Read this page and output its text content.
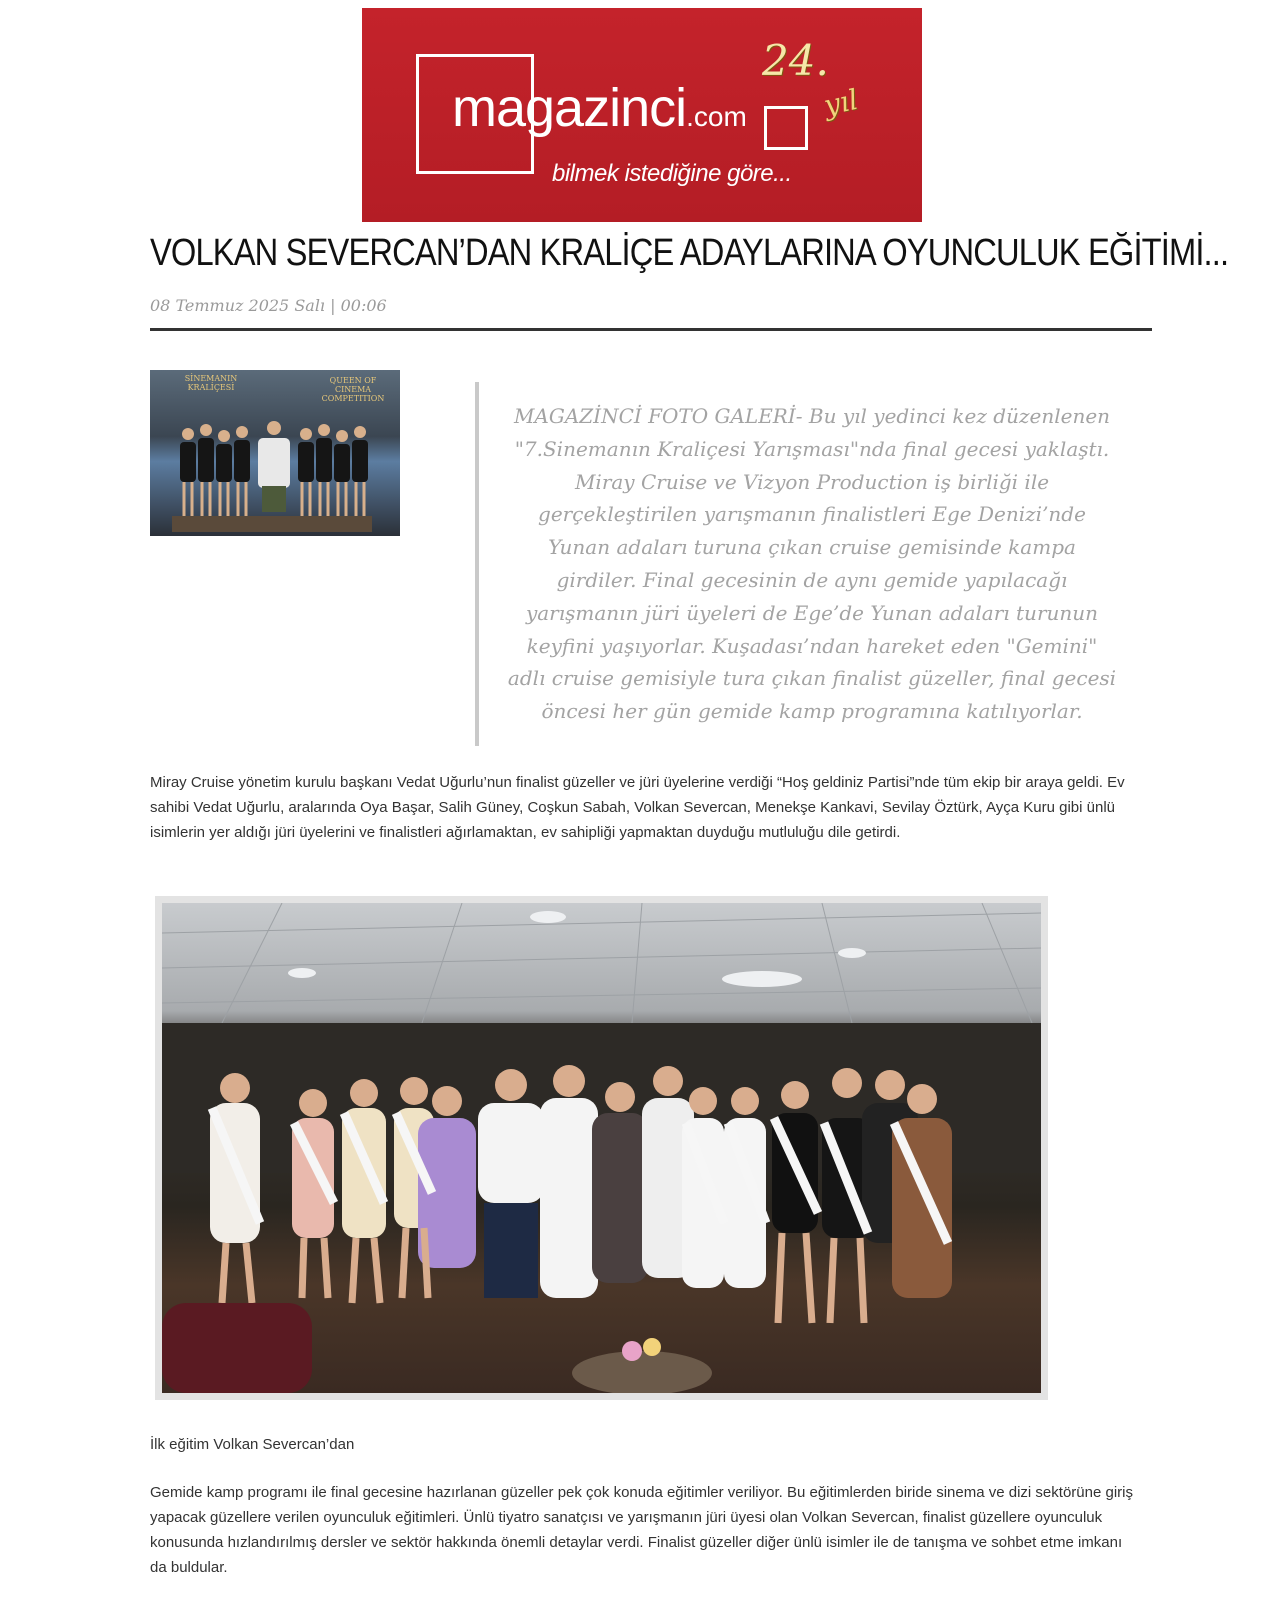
magazinci.com
24.
yıl
bilmek istediğine göre...
VOLKAN SEVERCAN’DAN KRALİÇE ADAYLARINA OYUNCULUK EĞİTİMİ...
08 Temmuz 2025 Salı | 00:06
SİNEMANIN KRALİÇESİ
QUEEN OF CINEMA COMPETITION
MAGAZİNCİ FOTO GALERİ- Bu yıl yedinci kez düzenlenen "7.Sinemanın Kraliçesi Yarışması"nda final gecesi yaklaştı. Miray Cruise ve Vizyon Production iş birliği ile gerçekleştirilen yarışmanın finalistleri Ege Denizi’nde Yunan adaları turuna çıkan cruise gemisinde kampa girdiler. Final gecesinin de aynı gemide yapılacağı yarışmanın jüri üyeleri de Ege’de Yunan adaları turunun keyfini yaşıyorlar. Kuşadası’ndan hareket eden "Gemini" adlı cruise gemisiyle tura çıkan finalist güzeller, final gecesi öncesi her gün gemide kamp programına katılıyorlar.

Miray Cruise yönetim kurulu başkanı Vedat Uğurlu’nun finalist güzeller ve jüri üyelerine verdiği “Hoş geldiniz Partisi”nde tüm ekip bir araya geldi. Ev sahibi Vedat Uğurlu, aralarında Oya Başar, Salih Güney, Coşkun Sabah, Volkan Severcan, Menekşe Kankavi, Sevilay Öztürk, Ayça Kuru gibi ünlü isimlerin yer aldığı jüri üyelerini ve finalistleri ağırlamaktan, ev sahipliği yapmaktan duyduğu mutluluğu dile getirdi.

İlk eğitim Volkan Severcan’dan

Gemide kamp programı ile final gecesine hazırlanan güzeller pek çok konuda eğitimler veriliyor. Bu eğitimlerden biride sinema ve dizi sektörüne giriş yapacak güzellere verilen oyunculuk eğitimleri. Ünlü tiyatro sanatçısı ve yarışmanın jüri üyesi olan Volkan Severcan, finalist güzellere oyunculuk konusunda hızlandırılmış dersler ve sektör hakkında önemli detaylar verdi. Finalist güzeller diğer ünlü isimler ile de tanışma ve sohbet etme imkanı da buldular.
